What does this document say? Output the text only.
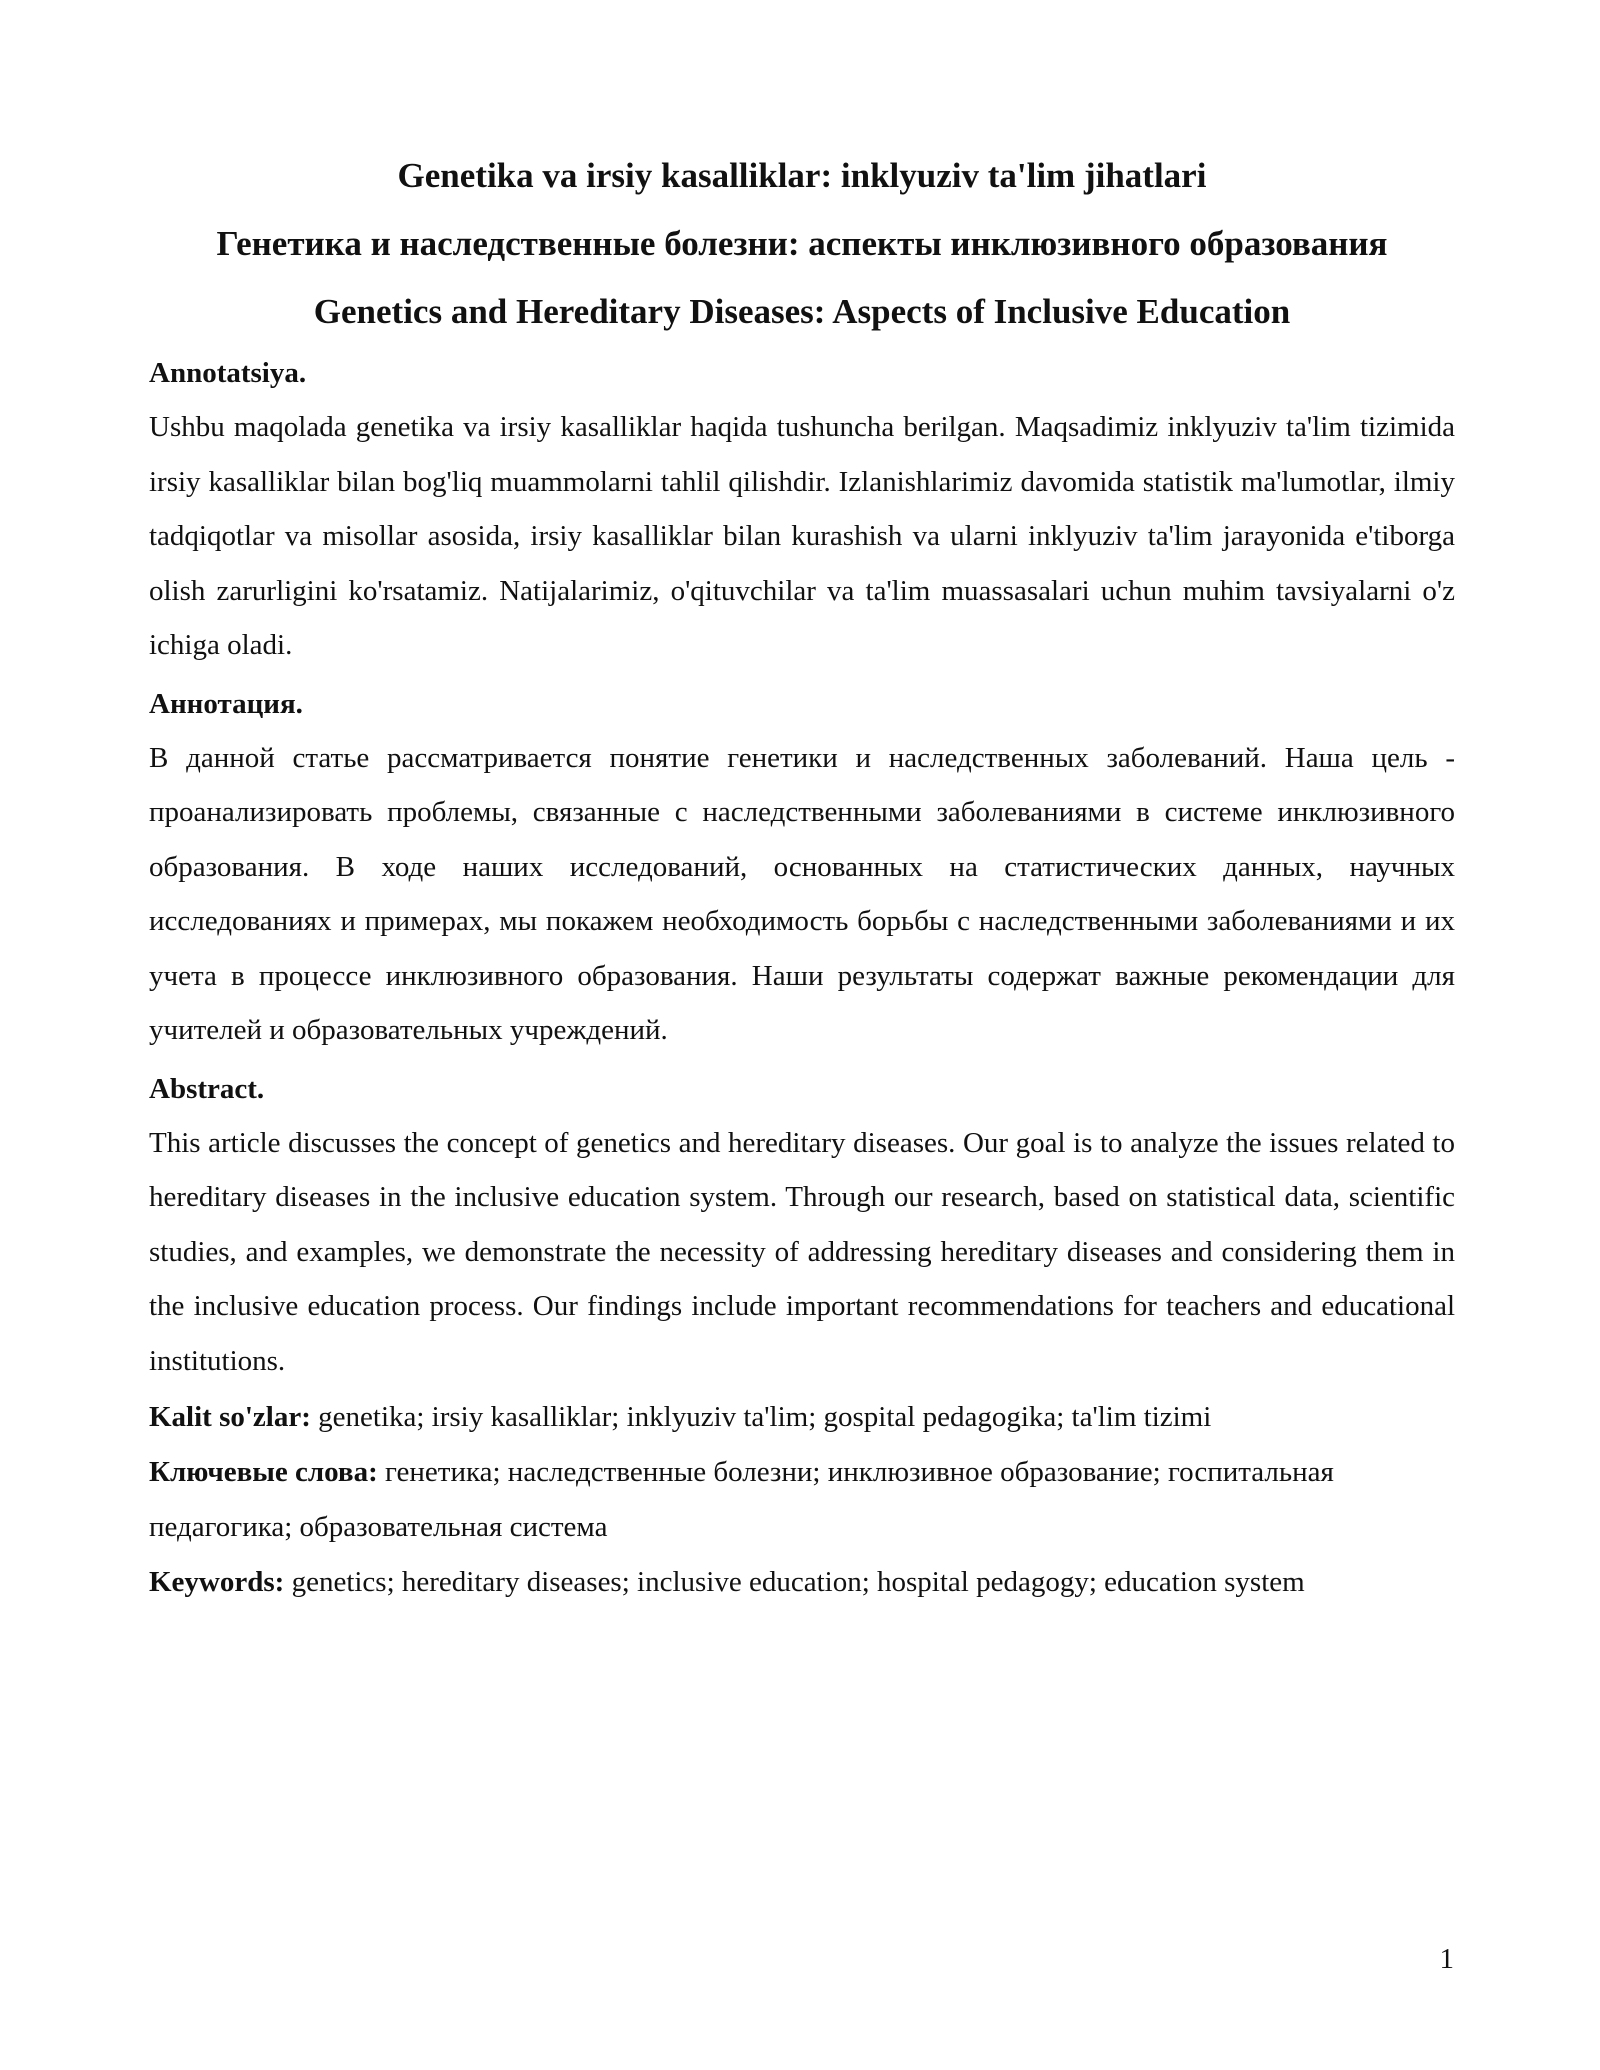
Genetika va irsiy kasalliklar: inklyuziv ta'lim jihatlari
Генетика и наследственные болезни: аспекты инклюзивного образования
Genetics and Hereditary Diseases: Aspects of Inclusive Education
Annotatsiya.

Ushbu maqolada genetika va irsiy kasalliklar haqida tushuncha berilgan. Maqsadimiz inklyuziv ta'lim tizimida irsiy kasalliklar bilan bog'liq muammolarni tahlil qilishdir. Izlanishlarimiz davomida statistik ma'lumotlar, ilmiy tadqiqotlar va misollar asosida, irsiy kasalliklar bilan kurashish va ularni inklyuziv ta'lim jarayonida e'tiborga olish zarurligini ko'rsatamiz. Natijalarimiz, o'qituvchilar va ta'lim muassasalari uchun muhim tavsiyalarni o'z ichiga oladi.

Аннотация.

В данной статье рассматривается понятие генетики и наследственных заболеваний. Наша цель - проанализировать проблемы, связанные с наследственными заболеваниями в системе инклюзивного образования. В ходе наших исследований, основанных на статистических данных, научных исследованиях и примерах, мы покажем необходимость борьбы с наследственными заболеваниями и их учета в процессе инклюзивного образования. Наши результаты содержат важные рекомендации для учителей и образовательных учреждений.

Abstract.

This article discusses the concept of genetics and hereditary diseases. Our goal is to analyze the issues related to hereditary diseases in the inclusive education system. Through our research, based on statistical data, scientific studies, and examples, we demonstrate the necessity of addressing hereditary diseases and considering them in the inclusive education process. Our findings include important recommendations for teachers and educational institutions.

Kalit so'zlar: genetika; irsiy kasalliklar; inklyuziv ta'lim; gospital pedagogika; ta'lim tizimi

Ключевые слова: генетика; наследственные болезни; инклюзивное образование; госпитальная педагогика; образовательная система

Keywords: genetics; hereditary diseases; inclusive education; hospital pedagogy; education system

1
